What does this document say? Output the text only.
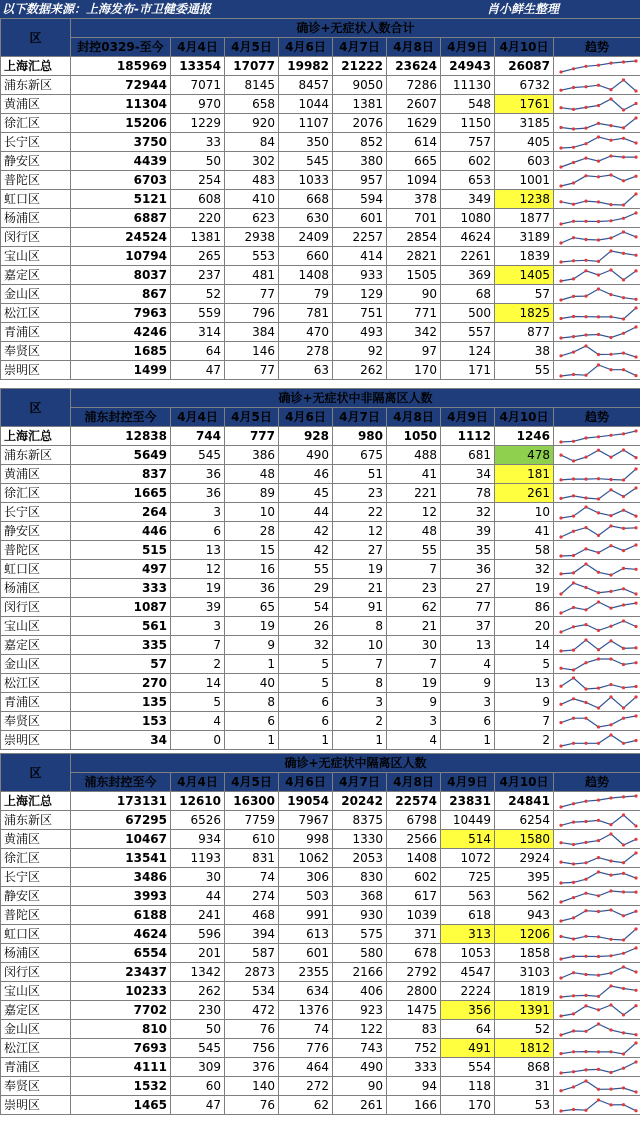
以下数据来源：上海发布-市卫健委通报	肖小鲜生整理
区	确诊+无症状人数合计								
	封控0329-至今	4月4日	4月5日	4月6日	4月7日	4月8日	4月9日	4月10日	趋势
上海汇总	185969	13354	17077	19982	21222	23624	24943	26087	

浦东新区	72944	7071	8145	8457	9050	7286	11130	6732	

黄浦区	11304	970	658	1044	1381	2607	548	1761	

徐汇区	15206	1229	920	1107	2076	1629	1150	3185	

长宁区	3750	33	84	350	852	614	757	405	

静安区	4439	50	302	545	380	665	602	603	

普陀区	6703	254	483	1033	957	1094	653	1001	

虹口区	5121	608	410	668	594	378	349	1238	

杨浦区	6887	220	623	630	601	701	1080	1877	

闵行区	24524	1381	2938	2409	2257	2854	4624	3189	

宝山区	10794	265	553	660	414	2821	2261	1839	

嘉定区	8037	237	481	1408	933	1505	369	1405	

金山区	867	52	77	79	129	90	68	57	

松江区	7963	559	796	781	751	771	500	1825	

青浦区	4246	314	384	470	493	342	557	877	

奉贤区	1685	64	146	278	92	97	124	38	

崇明区	1499	47	77	63	262	170	171	55	
区	确诊+无症状中非隔离区人数								
	浦东封控至今	4月4日	4月5日	4月6日	4月7日	4月8日	4月9日	4月10日	趋势
上海汇总	12838	744	777	928	980	1050	1112	1246	

浦东新区	5649	545	386	490	675	488	681	478	

黄浦区	837	36	48	46	51	41	34	181	

徐汇区	1665	36	89	45	23	221	78	261	

长宁区	264	3	10	44	22	12	32	10	

静安区	446	6	28	42	12	48	39	41	

普陀区	515	13	15	42	27	55	35	58	

虹口区	497	12	16	55	19	7	36	32	

杨浦区	333	19	36	29	21	23	27	19	

闵行区	1087	39	65	54	91	62	77	86	

宝山区	561	3	19	26	8	21	37	20	

嘉定区	335	7	9	32	10	30	13	14	

金山区	57	2	1	5	7	7	4	5	

松江区	270	14	40	5	8	19	9	13	

青浦区	135	5	8	6	3	9	3	9	

奉贤区	153	4	6	6	2	3	6	7	

崇明区	34	0	1	1	1	4	1	2	
区	确诊+无症状中隔离区人数								
	浦东封控至今	4月4日	4月5日	4月6日	4月7日	4月8日	4月9日	4月10日	趋势
上海汇总	173131	12610	16300	19054	20242	22574	23831	24841	

浦东新区	67295	6526	7759	7967	8375	6798	10449	6254	

黄浦区	10467	934	610	998	1330	2566	514	1580	

徐汇区	13541	1193	831	1062	2053	1408	1072	2924	

长宁区	3486	30	74	306	830	602	725	395	

静安区	3993	44	274	503	368	617	563	562	

普陀区	6188	241	468	991	930	1039	618	943	

虹口区	4624	596	394	613	575	371	313	1206	

杨浦区	6554	201	587	601	580	678	1053	1858	

闵行区	23437	1342	2873	2355	2166	2792	4547	3103	

宝山区	10233	262	534	634	406	2800	2224	1819	

嘉定区	7702	230	472	1376	923	1475	356	1391	

金山区	810	50	76	74	122	83	64	52	

松江区	7693	545	756	776	743	752	491	1812	

青浦区	4111	309	376	464	490	333	554	868	

奉贤区	1532	60	140	272	90	94	118	31	

崇明区	1465	47	76	62	261	166	170	53	
